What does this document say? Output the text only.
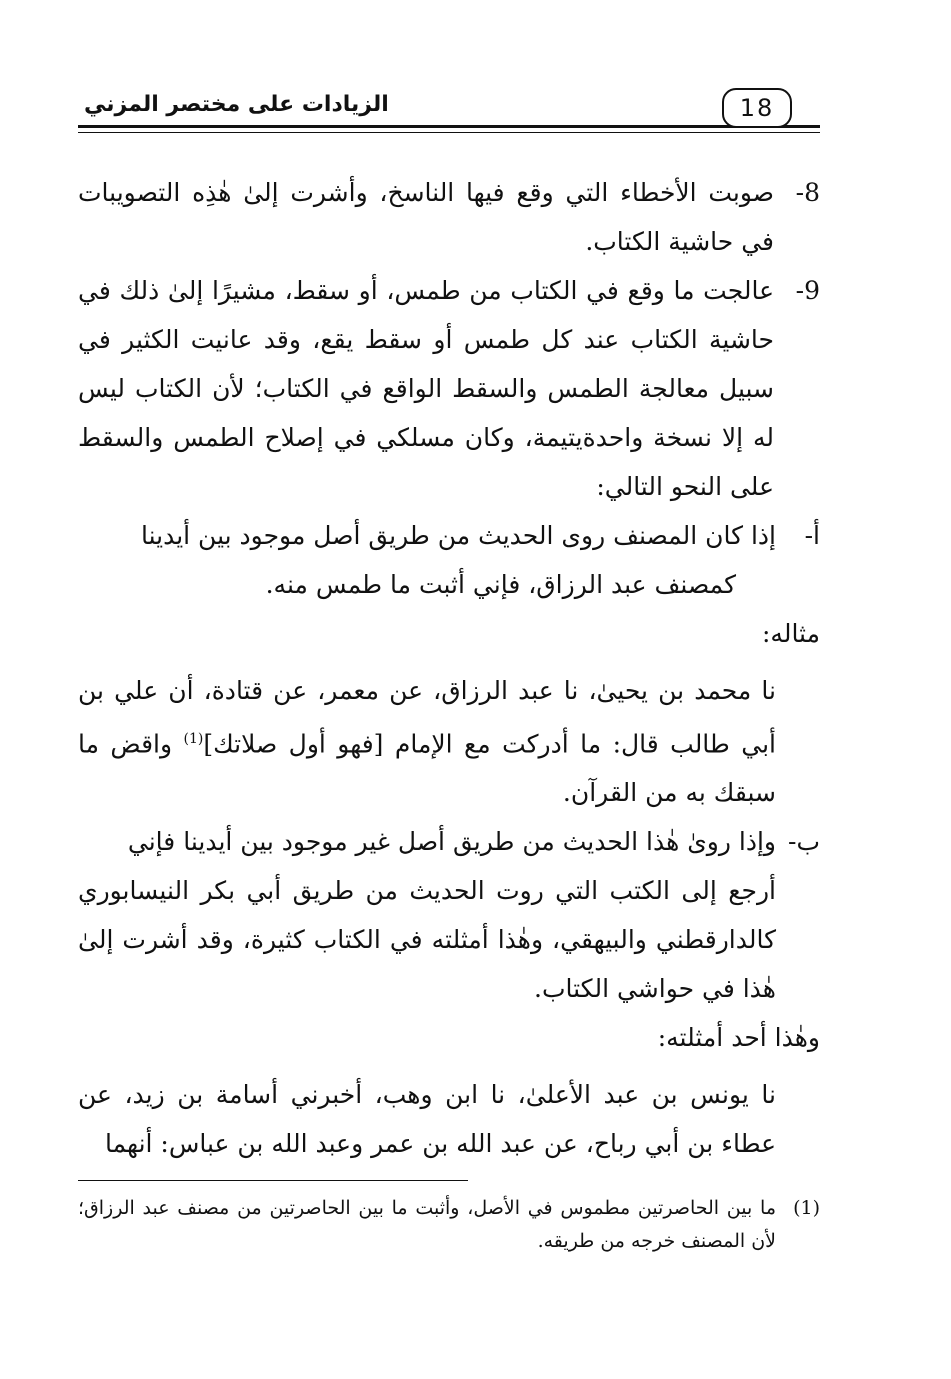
الزيادات على مختصر المزني	18
8-
صوبت الأخطاء التي وقع فيها الناسخ، وأشرت إلىٰ هٰذِه التصويبات في حاشية الكتاب.
9-
عالجت ما وقع في الكتاب من طمس، أو سقط، مشيرًا إلىٰ ذلك في حاشية الكتاب عند كل طمس أو سقط يقع، وقد عانيت الكثير في سبيل معالجة الطمس والسقط الواقع في الكتاب؛ لأن الكتاب ليس له إلا نسخة واحدةيتيمة، وكان مسلكي في إصلاح الطمس والسقط على النحو التالي:
أ-
إذا كان المصنف روى الحديث من طريق أصل موجود بين أيدينا
كمصنف عبد الرزاق، فإني أثبت ما طمس منه.
مثاله:
نا محمد بن يحيىٰ، نا عبد الرزاق، عن معمر، عن قتادة، أن علي بن أبي طالب قال: ما أدركت مع الإمام [فهو أول صلاتك]$^{(1)}$ واقض ما سبقك به من القرآن.
ب-
وإذا روىٰ هٰذا الحديث من طريق أصل غير موجود بين أيدينا فإني
أرجع إلى الكتب التي روت الحديث من طريق أبي بكر النيسابوري كالدارقطني والبيهقي، وهٰذا أمثلته في الكتاب كثيرة، وقد أشرت إلىٰ هٰذا في حواشي الكتاب.
وهٰذا أحد أمثلته:
نا يونس بن عبد الأعلىٰ، نا ابن وهب، أخبرني أسامة بن زيد، عن عطاء بن أبي رباح، عن عبد الله بن عمر وعبد الله بن عباس: أنهما
(1)
ما بين الحاصرتين مطموس في الأصل، وأثبت ما بين الحاصرتين من مصنف عبد الرزاق؛ لأن المصنف خرجه من طريقه.
